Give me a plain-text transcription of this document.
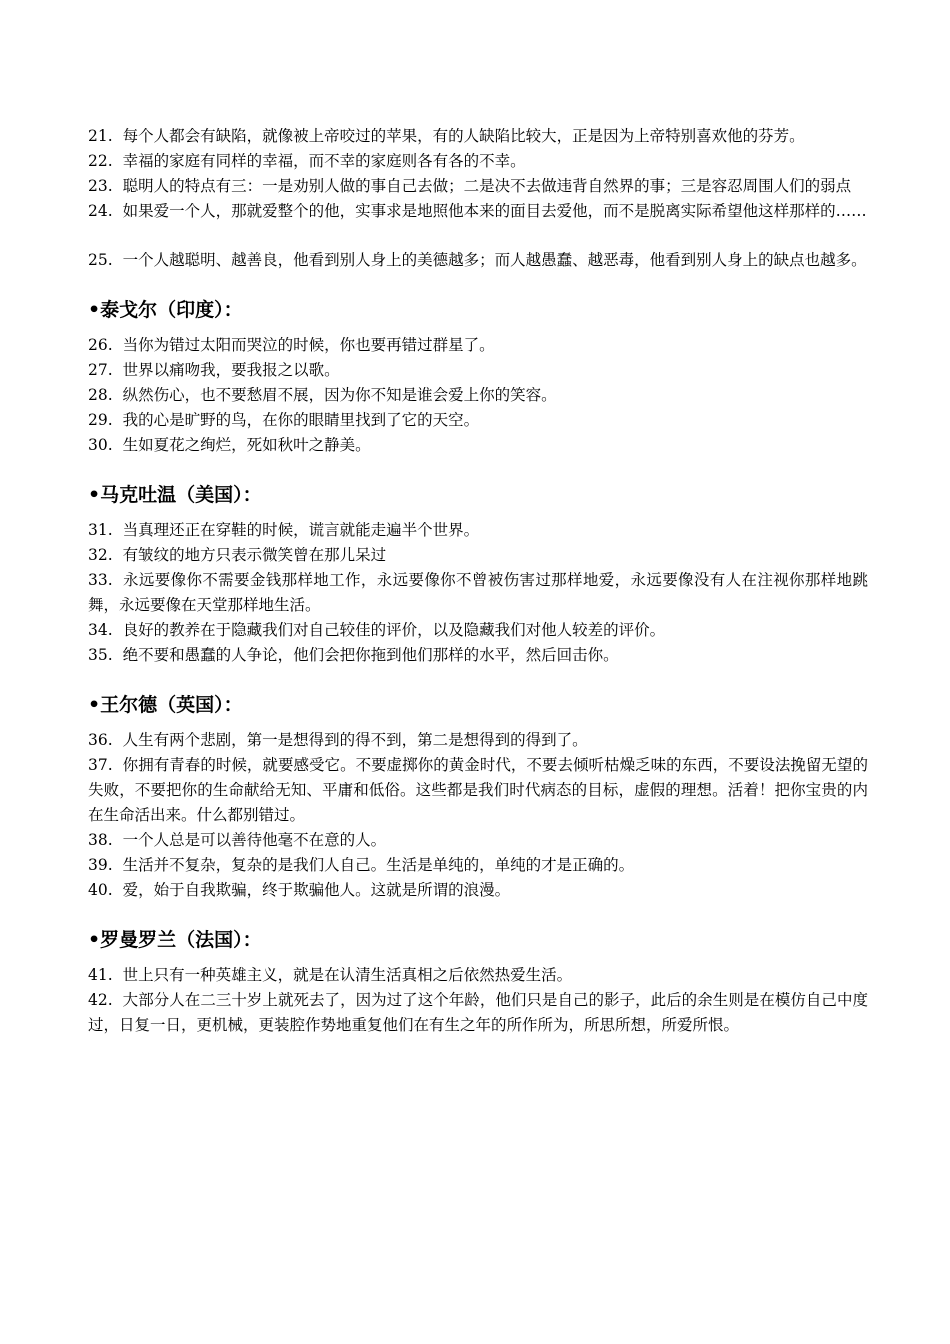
21. 每个人都会有缺陷，就像被上帝咬过的苹果，有的人缺陷比较大，正是因为上帝特别喜欢他的芬芳。

22. 幸福的家庭有同样的幸福，而不幸的家庭则各有各的不幸。

23. 聪明人的特点有三：一是劝别人做的事自己去做；二是决不去做违背自然界的事；三是容忍周围人们的弱点

24. 如果爱一个人，那就爱整个的他，实事求是地照他本来的面目去爱他，而不是脱离实际希望他这样那样的……

25. 一个人越聪明、越善良，他看到别人身上的美德越多；而人越愚蠢、越恶毒，他看到别人身上的缺点也越多。

•泰戈尔（印度）：

26. 当你为错过太阳而哭泣的时候，你也要再错过群星了。

27. 世界以痛吻我，要我报之以歌。

28. 纵然伤心，也不要愁眉不展，因为你不知是谁会爱上你的笑容。

29. 我的心是旷野的鸟，在你的眼睛里找到了它的天空。

30. 生如夏花之绚烂，死如秋叶之静美。

•马克吐温（美国）：

31. 当真理还正在穿鞋的时候，谎言就能走遍半个世界。

32. 有皱纹的地方只表示微笑曾在那儿呆过

33. 永远要像你不需要金钱那样地工作，永远要像你不曾被伤害过那样地爱，永远要像没有人在注视你那样地跳舞，永远要像在天堂那样地生活。

34. 良好的教养在于隐藏我们对自己较佳的评价，以及隐藏我们对他人较差的评价。

35. 绝不要和愚蠢的人争论，他们会把你拖到他们那样的水平，然后回击你。

•王尔德（英国）：

36. 人生有两个悲剧，第一是想得到的得不到，第二是想得到的得到了。

37. 你拥有青春的时候，就要感受它。不要虚掷你的黄金时代，不要去倾听枯燥乏味的东西，不要设法挽留无望的失败，不要把你的生命献给无知、平庸和低俗。这些都是我们时代病态的目标，虚假的理想。活着！把你宝贵的内在生命活出来。什么都别错过。

38. 一个人总是可以善待他毫不在意的人。

39. 生活并不复杂，复杂的是我们人自己。生活是单纯的，单纯的才是正确的。

40. 爱，始于自我欺骗，终于欺骗他人。这就是所谓的浪漫。

•罗曼罗兰（法国）：

41. 世上只有一种英雄主义，就是在认清生活真相之后依然热爱生活。

42. 大部分人在二三十岁上就死去了，因为过了这个年龄，他们只是自己的影子，此后的余生则是在模仿自己中度过，日复一日，更机械，更装腔作势地重复他们在有生之年的所作所为，所思所想，所爱所恨。
